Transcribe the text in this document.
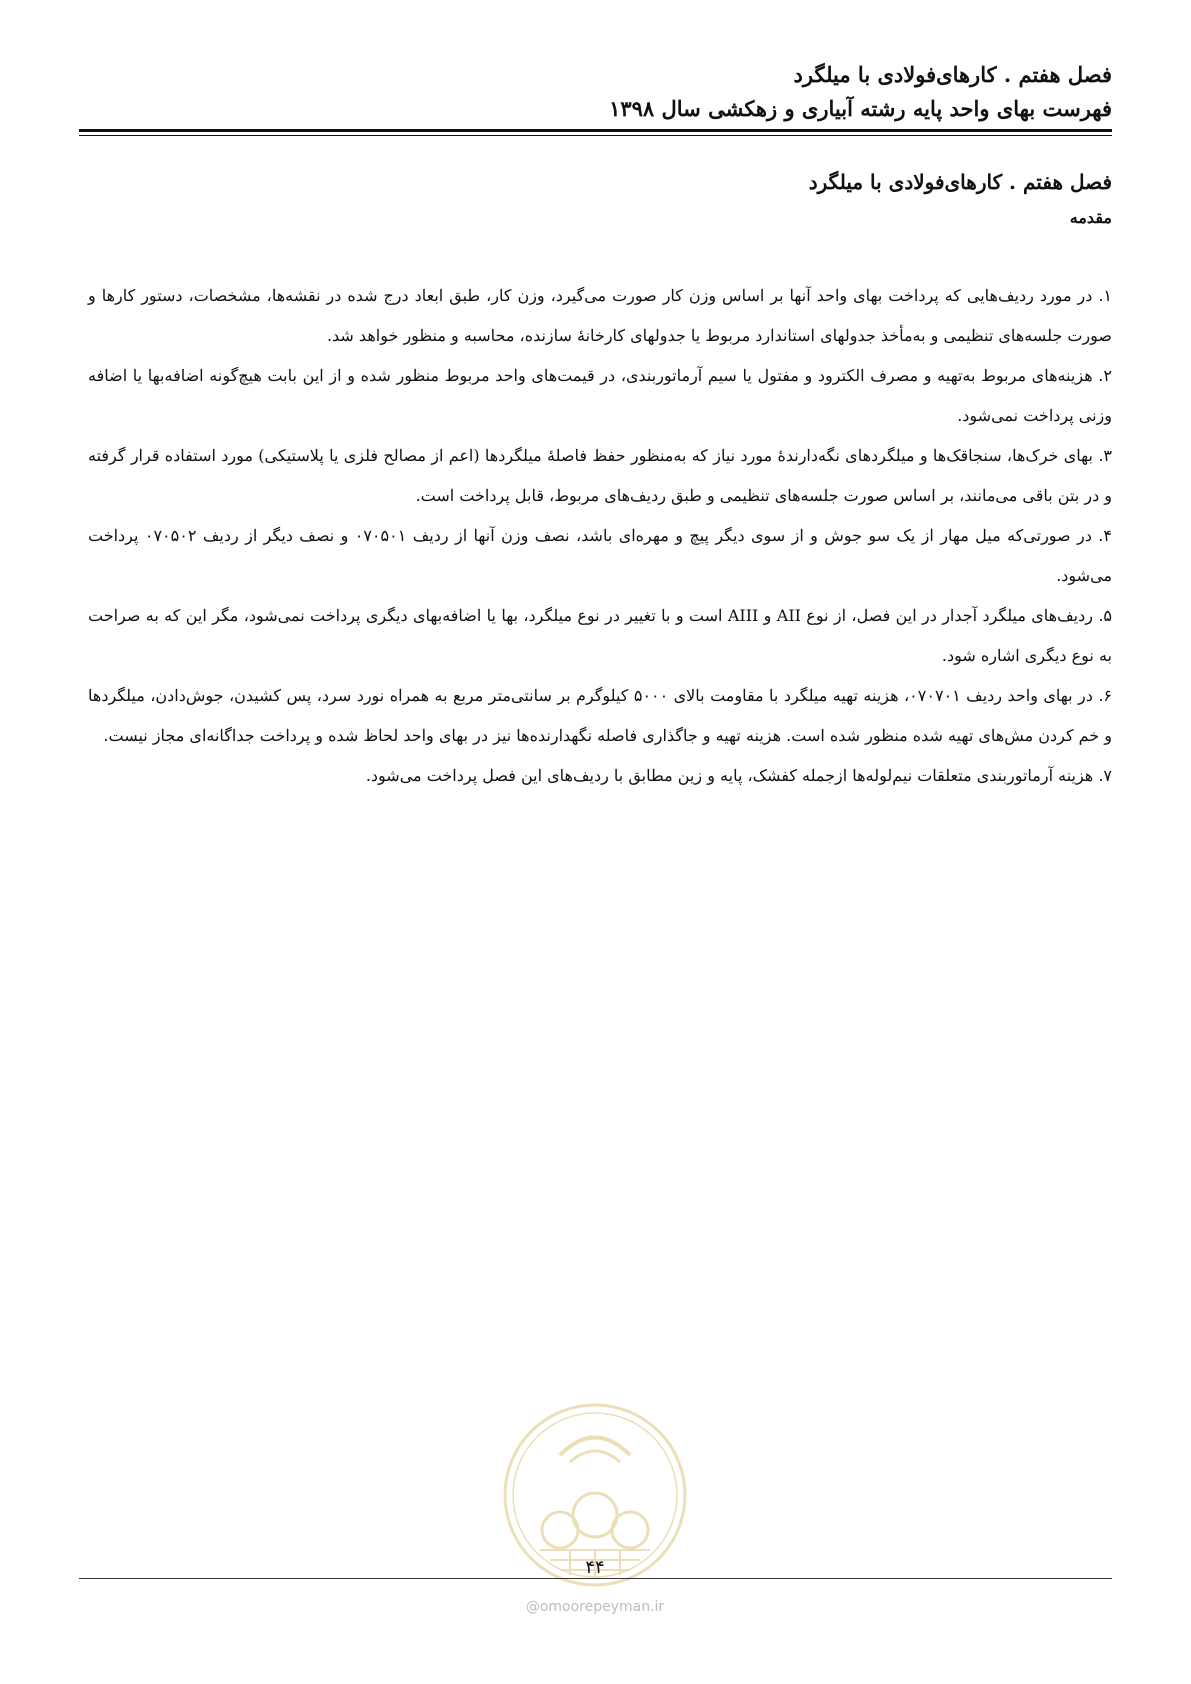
فصل هفتم . کارهای‌فولادی با میلگرد

فهرست بهای واحد پایه رشته آبیاری و زهکشی سال ۱۳۹۸

فصل هفتم . کارهای‌فولادی با میلگرد
مقدمه

۱. در مورد ردیف‌هایی که پرداخت بهای واحد آنها بر اساس وزن کار صورت می‌گیرد، وزن کار، طبق ابعاد درج شده در نقشه‌ها، مشخصات، دستور کارها و صورت جلسه‌های تنظیمی و به‌مأخذ جدولهای استاندارد مربوط یا جدولهای کارخانهٔ سازنده، محاسبه و منظور خواهد شد.

۲. هزینه‌های مربوط به‌تهیه و مصرف الکترود و مفتول یا سیم آرماتوربندی، در قیمت‌های واحد مربوط منظور شده و از این بابت هیچ‌گونه اضافه‌بها یا اضافه وزنی پرداخت نمی‌شود.

۳. بهای خرک‌ها، سنجاقک‌ها و میلگردهای نگه‌دارندهٔ مورد نیاز که به‌منظور حفظ فاصلهٔ میلگردها (اعم از مصالح فلزی یا پلاستیکی) مورد استفاده قرار گرفته و در بتن باقی می‌مانند، بر اساس صورت جلسه‌های تنظیمی و طبق ردیف‌های مربوط، قابل پرداخت است.

۴. در صورتی‌که میل مهار از یک سو جوش و از سوی دیگر پیچ و مهره‌ای باشد، نصف وزن آنها از ردیف ۰۷۰۵۰۱ و نصف دیگر از ردیف ۰۷۰۵۰۲ پرداخت می‌شود.

۵. ردیف‌های میلگرد آجدار در این فصل، از نوع AII و AIII است و با تغییر در نوع میلگرد، بها یا اضافه‌بهای دیگری پرداخت نمی‌شود، مگر این که به صراحت به نوع دیگری اشاره شود.

۶. در بهای واحد ردیف ۰۷۰۷۰۱، هزینه تهیه میلگرد با مقاومت بالای ۵۰۰۰ کیلوگرم بر سانتی‌متر مربع به همراه نورد سرد، پس کشیدن، جوش‌دادن، میلگردها و خم کردن مش‌های تهیه شده منظور شده است. هزینه تهیه و جاگذاری فاصله نگهدارنده‌ها نیز در بهای واحد لحاظ شده و پرداخت جداگانه‌ای مجاز نیست.

۷. هزینه آرماتوربندی متعلقات نیم‌لوله‌ها ازجمله کفشک، پایه و زین مطابق با ردیف‌های این فصل پرداخت می‌شود.

۴۴
@omoorepeyman.ir
